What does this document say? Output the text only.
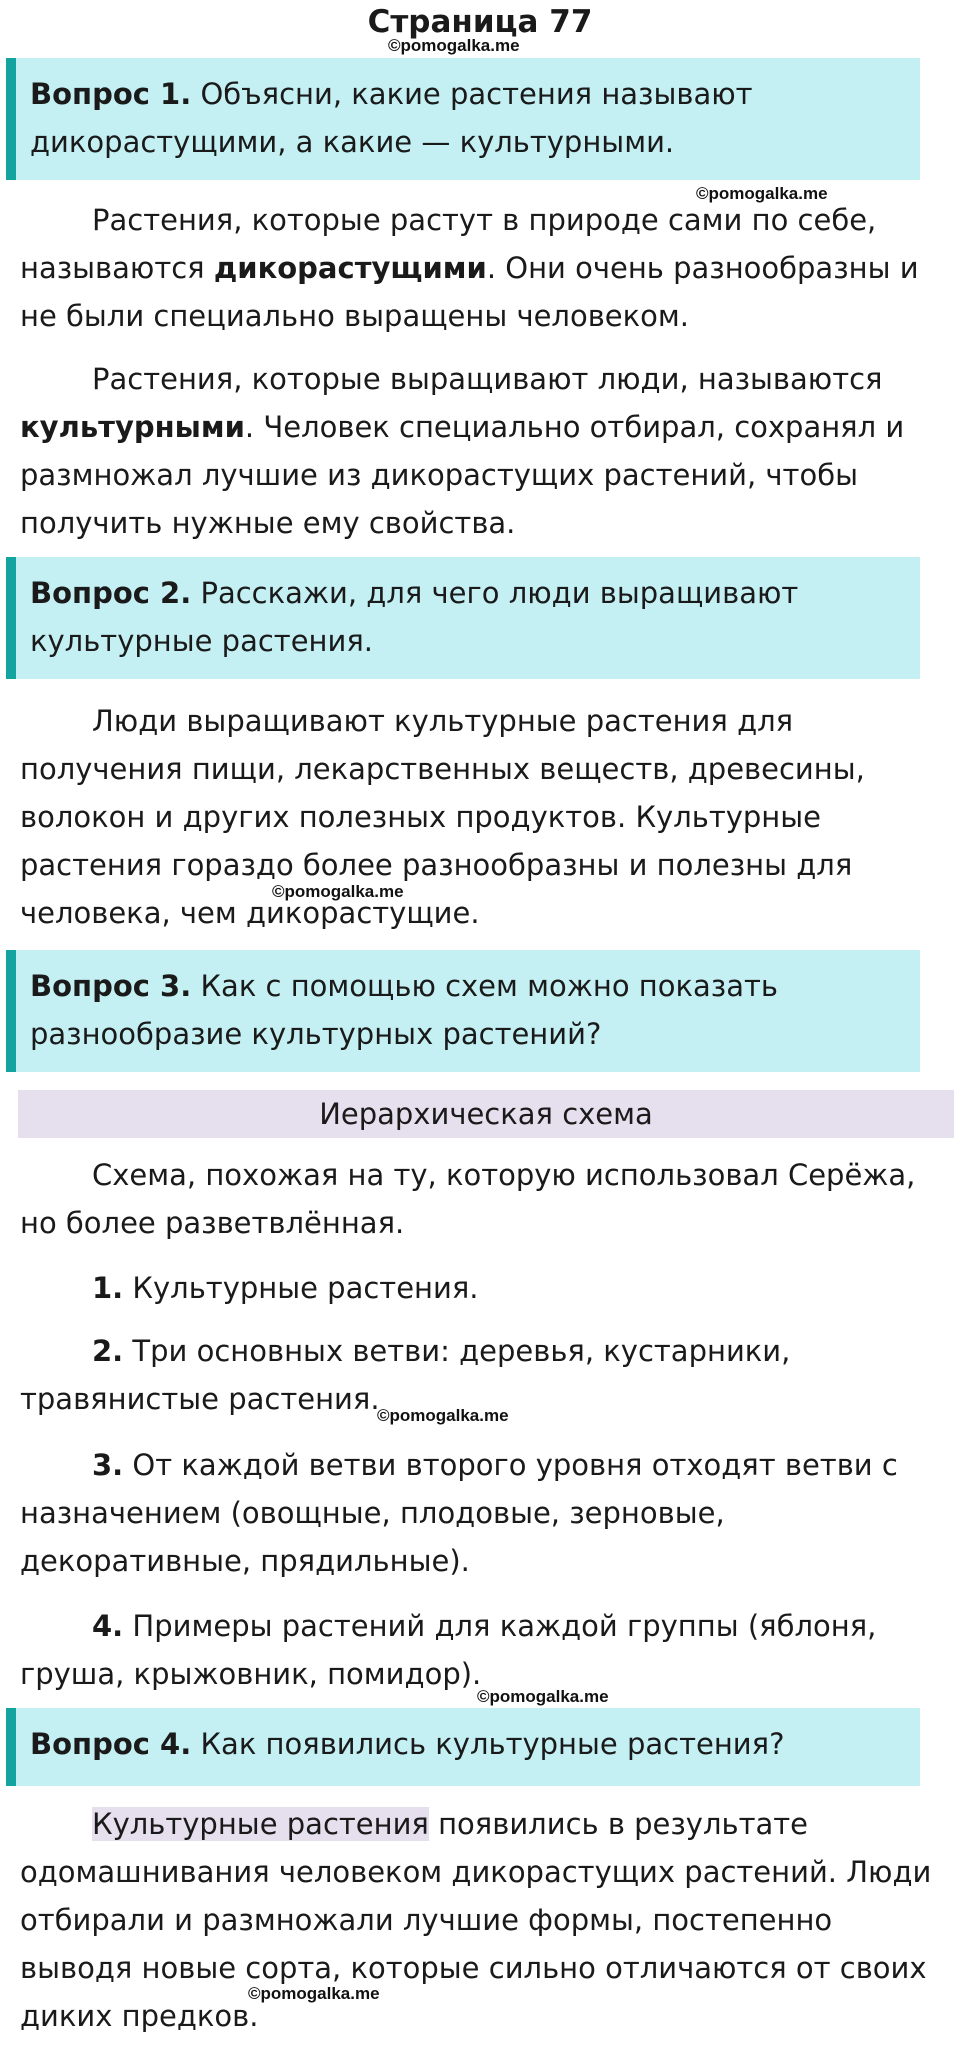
Страница 77
©pomogalka.me
Вопрос 1. Объясни, какие растения называют дикорастущими, а какие — культурными.
©pomogalka.me
Растения, которые растут в природе сами по себе, называются дикорастущими. Они очень разнообразны и не были специально выращены человеком.
Растения, которые выращивают люди, называются культурными. Человек специально отбирал, сохранял и размножал лучшие из дикорастущих растений, чтобы получить нужные ему свойства.
Вопрос 2. Расскажи, для чего люди выращивают культурные растения.
Люди выращивают культурные растения для получения пищи, лекарственных веществ, древесины, волокон и других полезных продуктов. Культурные растения гораздо более разнообразны и полезны для человека, чем дикорастущие.
©pomogalka.me
Вопрос 3. Как с помощью схем можно показать разнообразие культурных растений?
Иерархическая схема
Схема, похожая на ту, которую использовал Серёжа, но более разветвлённая.
1. Культурные растения.
2. Три основных ветви: деревья, кустарники, травянистые растения.
©pomogalka.me
3. От каждой ветви второго уровня отходят ветви с назначением (овощные, плодовые, зерновые, декоративные, прядильные).
4. Примеры растений для каждой группы (яблоня, груша, крыжовник, помидор).
©pomogalka.me
Вопрос 4. Как появились культурные растения?
Культурные растения появились в результате одомашнивания человеком дикорастущих растений. Люди отбирали и размножали лучшие формы, постепенно выводя новые сорта, которые сильно отличаются от своих диких предков.
©pomogalka.me
